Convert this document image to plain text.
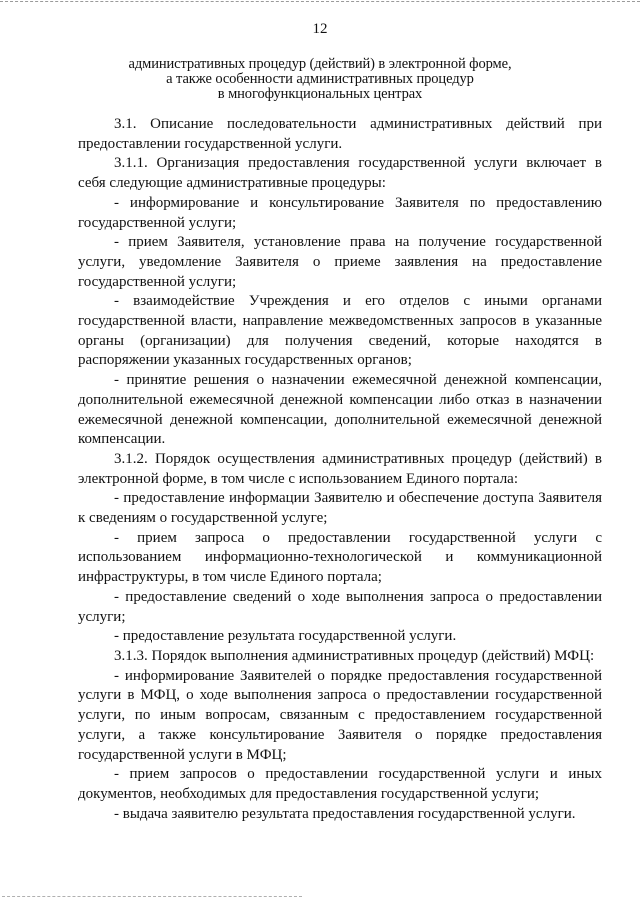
12
административных процедур (действий) в электронной форме,
а также особенности административных процедур
в многофункциональных центрах

3.1. Описание последовательности административных действий при предоставлении государственной услуги.

3.1.1. Организация предоставления государственной услуги включает в себя следующие административные процедуры:

- информирование и консультирование Заявителя по предоставлению государственной услуги;

- прием Заявителя, установление права на получение государственной услуги, уведомление Заявителя о приеме заявления на предоставление государственной услуги;

- взаимодействие Учреждения и его отделов с иными органами государственной власти, направление межведомственных запросов в указанные органы (организации) для получения сведений, которые находятся в распоряжении указанных государственных органов;

- принятие решения о назначении ежемесячной денежной компенсации, дополнительной ежемесячной денежной компенсации либо отказ в назначении ежемесячной денежной компенсации, дополнительной ежемесячной денежной компенсации.

3.1.2. Порядок осуществления административных процедур (действий) в электронной форме, в том числе с использованием Единого портала:

- предоставление информации Заявителю и обеспечение доступа Заявителя к сведениям о государственной услуге;

- прием запроса о предоставлении государственной услуги с использованием информационно-технологической и коммуникационной инфраструктуры, в том числе Единого портала;

- предоставление сведений о ходе выполнения запроса о предоставлении услуги;

- предоставление результата государственной услуги.

3.1.3. Порядок выполнения административных процедур (действий) МФЦ:

- информирование Заявителей о порядке предоставления государственной услуги в МФЦ, о ходе выполнения запроса о предоставлении государственной услуги, по иным вопросам, связанным с предоставлением государственной услуги, а также консультирование Заявителя о порядке предоставления государственной услуги в МФЦ;

- прием запросов о предоставлении государственной услуги и иных документов, необходимых для предоставления государственной услуги;

- выдача заявителю результата предоставления государственной услуги.
